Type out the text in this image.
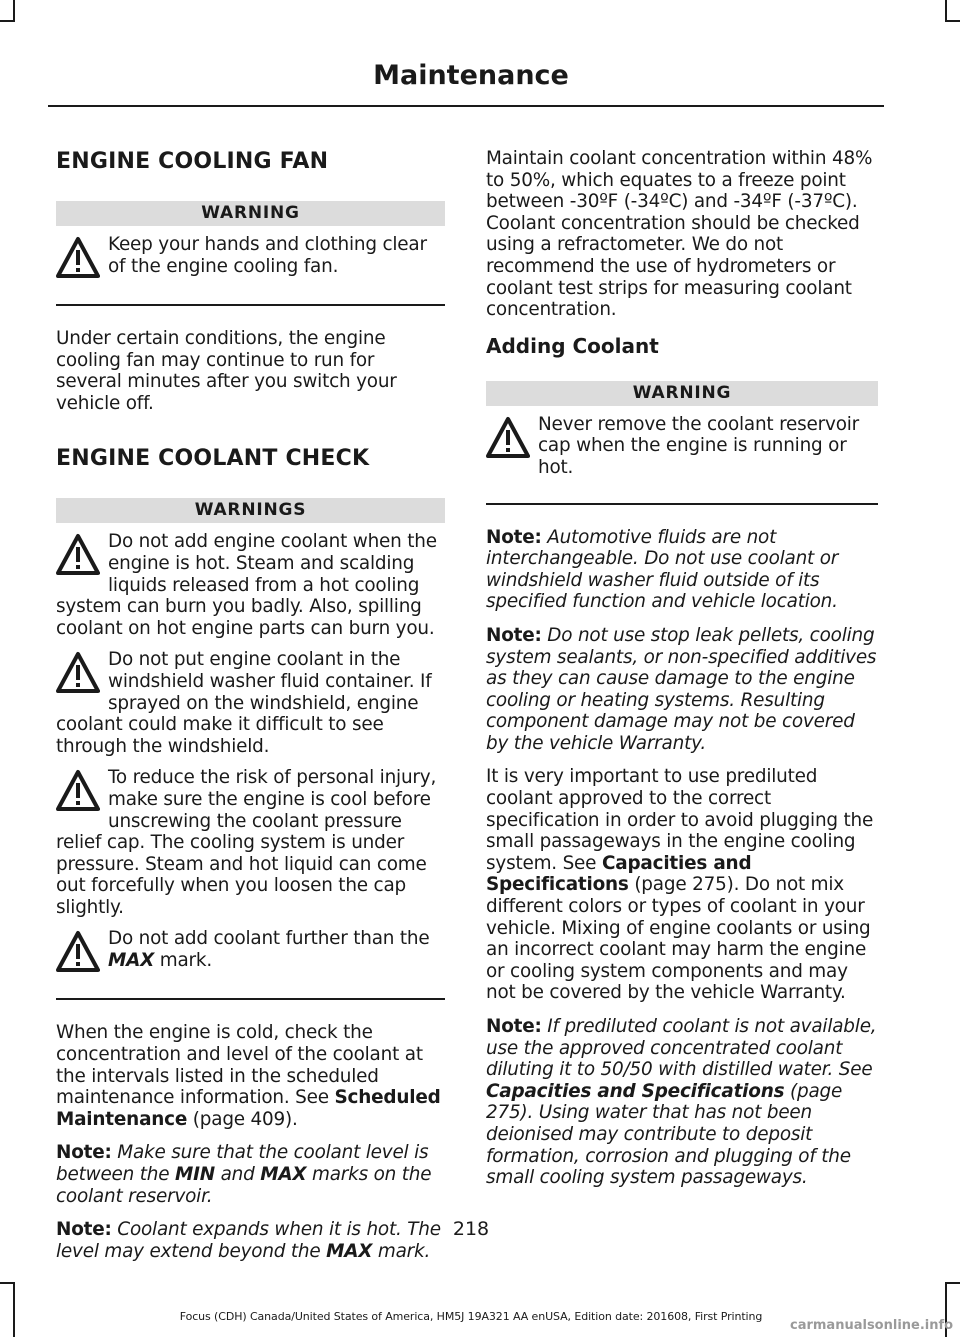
Maintenance
ENGINE COOLING FAN
WARNING
Keep your hands and clothing clear of the engine cooling fan.

Under certain conditions, the engine cooling fan may continue to run for several minutes after you switch your vehicle off.

ENGINE COOLANT CHECK
WARNINGS
Do not add engine coolant when the engine is hot. Steam and scalding liquids released from a hot cooling system can burn you badly. Also, spilling coolant on hot engine parts can burn you.
Do not put engine coolant in the windshield washer fluid container. If sprayed on the windshield, engine coolant could make it difficult to see through the windshield.
To reduce the risk of personal injury, make sure the engine is cool before unscrewing the coolant pressure relief cap. The cooling system is under pressure. Steam and hot liquid can come out forcefully when you loosen the cap slightly.
Do not add coolant further than the MAX mark.

When the engine is cold, check the concentration and level of the coolant at the intervals listed in the scheduled maintenance information. See Scheduled Maintenance (page 409).

Note: Make sure that the coolant level is between the MIN and MAX marks on the coolant reservoir.

Note: Coolant expands when it is hot. The level may extend beyond the MAX mark.

Maintain coolant concentration within 48% to 50%, which equates to a freeze point between -30ºF (-34ºC) and -34ºF (-37ºC). Coolant concentration should be checked using a refractometer. We do not recommend the use of hydrometers or coolant test strips for measuring coolant concentration.

Adding Coolant
WARNING
Never remove the coolant reservoir cap when the engine is running or hot.

Note: Automotive fluids are not interchangeable. Do not use coolant or windshield washer fluid outside of its specified function and vehicle location.

Note: Do not use stop leak pellets, cooling system sealants, or non-specified additives as they can cause damage to the engine cooling or heating systems. Resulting component damage may not be covered by the vehicle Warranty.

It is very important to use prediluted coolant approved to the correct specification in order to avoid plugging the small passageways in the engine cooling system. See Capacities and Specifications (page 275). Do not mix different colors or types of coolant in your vehicle. Mixing of engine coolants or using an incorrect coolant may harm the engine or cooling system components and may not be covered by the vehicle Warranty.

Note: If prediluted coolant is not available, use the approved concentrated coolant diluting it to 50/50 with distilled water. See Capacities and Specifications (page 275). Using water that has not been deionised may contribute to deposit formation, corrosion and plugging of the small cooling system passageways.

218
Focus (CDH) Canada/United States of America, HM5J 19A321 AA enUSA, Edition date: 201608, First Printing
carmanualsonline.info
